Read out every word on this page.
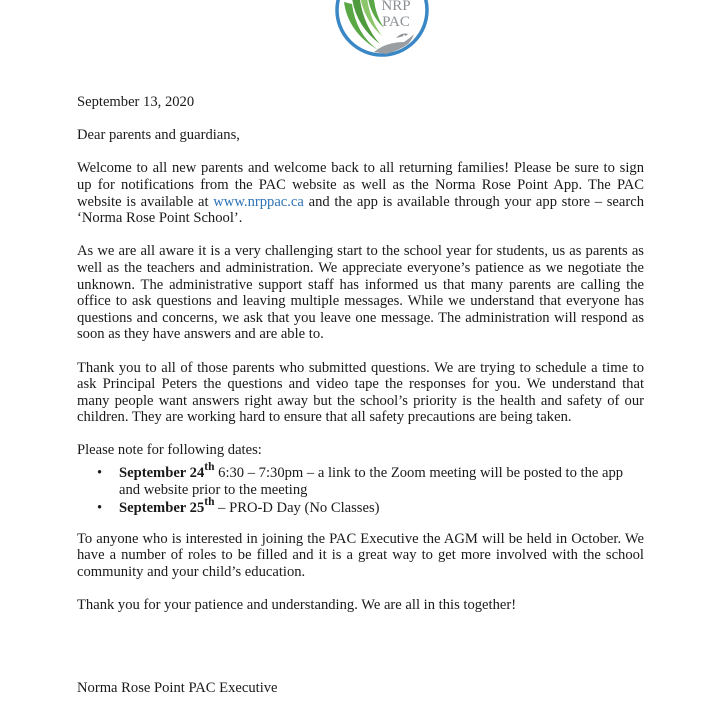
NRP
PAC

September 13, 2020

Dear parents and guardians,

Welcome to all new parents and welcome back to all returning families! Please be sure to sign up for notifications from the PAC website as well as the Norma Rose Point App. The PAC website is available at www.nrppac.ca and the app is available through your app store – search ‘Norma Rose Point School’.

As we are all aware it is a very challenging start to the school year for students, us as parents as well as the teachers and administration. We appreciate everyone’s patience as we negotiate the unknown. The administrative support staff has informed us that many parents are calling the office to ask questions and leaving multiple messages. While we understand that everyone has questions and concerns, we ask that you leave one message. The administration will respond as soon as they have answers and are able to.

Thank you to all of those parents who submitted questions. We are trying to schedule a time to ask Principal Peters the questions and video tape the responses for you. We understand that many people want answers right away but the school’s priority is the health and safety of our children. They are working hard to ensure that all safety precautions are being taken.

Please note for following dates:

• September 24th 6:30 – 7:30pm – a link to the Zoom meeting will be posted to the app and website prior to the meeting
• September 25th – PRO-D Day (No Classes)

To anyone who is interested in joining the PAC Executive the AGM will be held in October. We have a number of roles to be filled and it is a great way to get more involved with the school community and your child’s education.

Thank you for your patience and understanding. We are all in this together!

Norma Rose Point PAC Executive
